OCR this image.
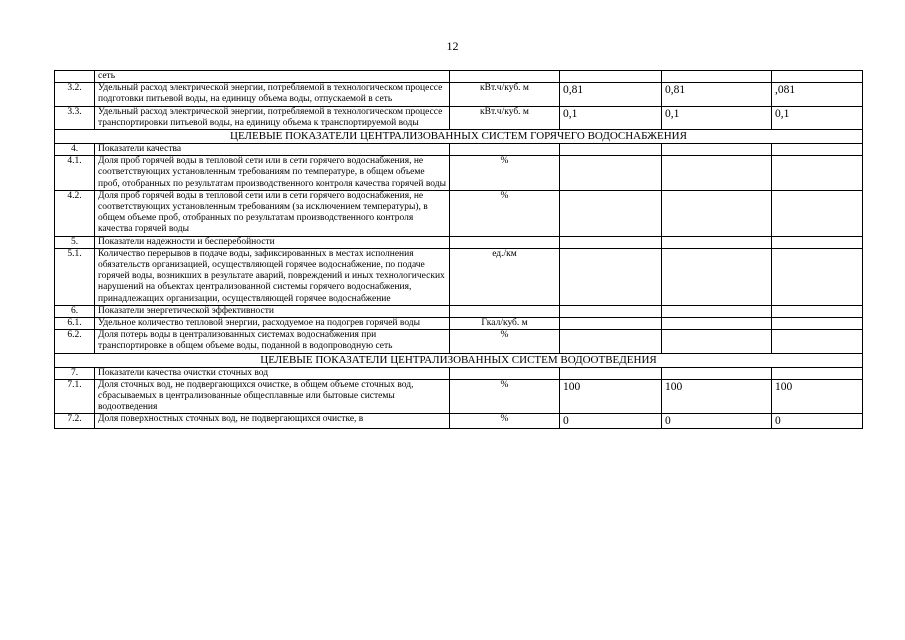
12
	сеть				
3.2.	Удельный расход электрической энергии, потребляемой в технологическом процессе подготовки питьевой воды, на единицу объема воды, отпускаемой в сеть	кВт.ч/куб. м	0,81	0,81	,081
3.3.	Удельный расход электрической энергии, потребляемой в технологическом процессе транспортировки питьевой воды, на единицу объема к транспортируемой воды	кВт.ч/куб. м	0,1	0,1	0,1
ЦЕЛЕВЫЕ ПОКАЗАТЕЛИ ЦЕНТРАЛИЗОВАННЫХ СИСТЕМ ГОРЯЧЕГО ВОДОСНАБЖЕНИЯ					
4.	Показатели качества				
4.1.	Доля проб горячей воды в тепловой сети или в сети горячего водоснабжения, не соответствующих установленным требованиям по температуре, в общем объеме проб, отобранных по результатам производственного контроля качества горячей воды	%			
4.2.	Доля проб горячей воды в тепловой сети или в сети горячего водоснабжения, не соответствующих установленным требованиям (за исключением температуры), в общем объеме проб, отобранных по результатам производственного контроля качества горячей воды	%			
5.	Показатели надежности и бесперебойности				
5.1.	Количество перерывов в подаче воды, зафиксированных в местах исполнения обязательств организацией, осуществляющей горячее водоснабжение, по подаче горячей воды, возникших в результате аварий, повреждений и иных технологических нарушений на объектах централизованной системы горячего водоснабжения, принадлежащих организации, осуществляющей горячее водоснабжение	ед./км			
6.	Показатели энергетической эффективности				
6.1.	Удельное количество тепловой энергии, расходуемое на подогрев горячей воды	Гкал/куб. м			
6.2.	Доля потерь воды в централизованных системах водоснабжения при транспортировке в общем объеме воды, поданной в водопроводную сеть	%			
ЦЕЛЕВЫЕ ПОКАЗАТЕЛИ ЦЕНТРАЛИЗОВАННЫХ СИСТЕМ ВОДООТВЕДЕНИЯ					
7.	Показатели качества очистки сточных вод				
7.1.	Доля сточных вод, не подвергающихся очистке, в общем объеме сточных вод, сбрасываемых в централизованные общесплавные или бытовые системы водоотведения	%	100	100	100
7.2.	Доля поверхностных сточных вод, не подвергающихся очистке, в	%	0	0	0
